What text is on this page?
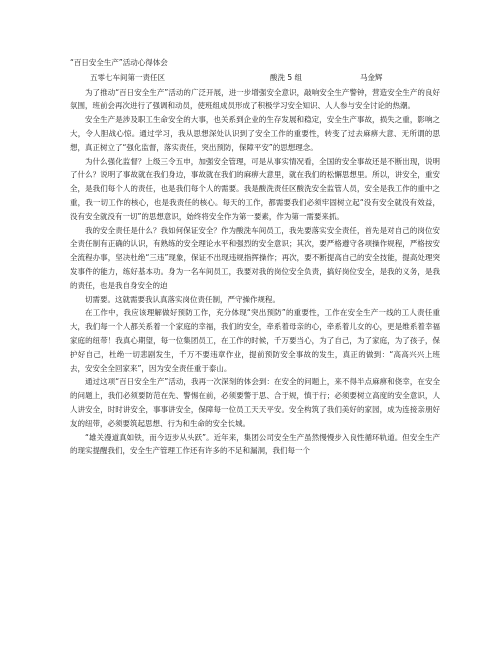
“百日安全生产”活动心得体会
五零七车间第一责任区	酸洗 5 组	马金辉

为了推动“百日安全生产”活动的广泛开展，进一步增强安全意识，敲响安全生产警钟，营造安全生产的良好氛围，班前会再次进行了强调和动员，使班组成员形成了积极学习安全知识、人人参与安全讨论的热潮。

安全生产是涉及职工生命安全的大事，也关系到企业的生存发展和稳定，安全生产事故，损失之重，影响之大，令人胆战心惊。通过学习，我从思想深处认识到了安全工作的重要性，转变了过去麻痹大意、无所谓的思想，真正树立了“强化监督，落实责任，突出预防，保障平安”的思想理念。

为什么强化监督？上级三令五申，加强安全管理，可是从事实情况看，全国的安全事故还是不断出现，说明了什么？说明了事故就在我们身边，事故就在我们的麻痹大意里，就在我们的松懈思想里。所以，讲安全，重安全，是我们每个人的责任，也是我们每个人的需要。我是酸洗责任区酸洗安全监管人员，安全是我工作的重中之重，我一切工作的核心，也是我责任的核心。每天的工作，都需要我们必须牢固树立起“没有安全就没有效益，没有安全就没有一切”的思想意识，始终将安全作为第一要素，作为第一需要来抓。

我的安全责任是什么？我如何保证安全？作为酸洗车间员工，我先要落实安全责任，首先是对自己的岗位安全责任制有正确的认识，有熟练的安全理论水平和强烈的安全意识；其次，要严格遵守各项操作规程，严格按安全流程办事，坚决杜绝“三违”现象，保证不出现违规指挥操作；再次，要不断提高自己的安全技能，提高处理突发事件的能力，练好基本功。身为一名车间员工，我要对我的岗位安全负责，搞好岗位安全，是我的义务，是我的责任，也是我自身安全的迫

切需要。这就需要我认真落实岗位责任制，严守操作规程。

在工作中，我应该理解做好预防工作，充分体现“突出预防”的重要性，工作在安全生产一线的工人责任重大，我们每一个人都关系着一个家庭的幸福，我们的安全，牵系着母亲的心，牵系着儿女的心，更是维系着幸福家庭的纽带！我真心期望，每一位集团员工，在工作的时候，千万要当心，为了自己，为了家庭，为了孩子，保护好自己，杜绝一切悲剧发生，千万不要违章作业，提前预防安全事故的发生，真正的做到：“高高兴兴上班去，安安全全回家来”，因为安全责任重于泰山。

通过这项“百日安全生产”活动，我再一次深刻的体会到：在安全的问题上，来不得半点麻痹和侥幸，在安全的问题上，我们必须要防范在先、警惕在前，必须要警于思、合于规，慎于行；必须要树立高度的安全意识，人人讲安全，时时讲安全，事事讲安全，保障每一位员工天天平安。安全构筑了我们美好的家园，成为连接亲朋好友的纽带，必须要筑起思想、行为和生命的安全长城。

“雄关漫道真如铁，而今迈步从头跃”。近年来，集团公司安全生产虽然慢慢步入良性循环轨道。但安全生产的现实提醒我们，安全生产管理工作还有许多的不足和漏洞，我们每一个
